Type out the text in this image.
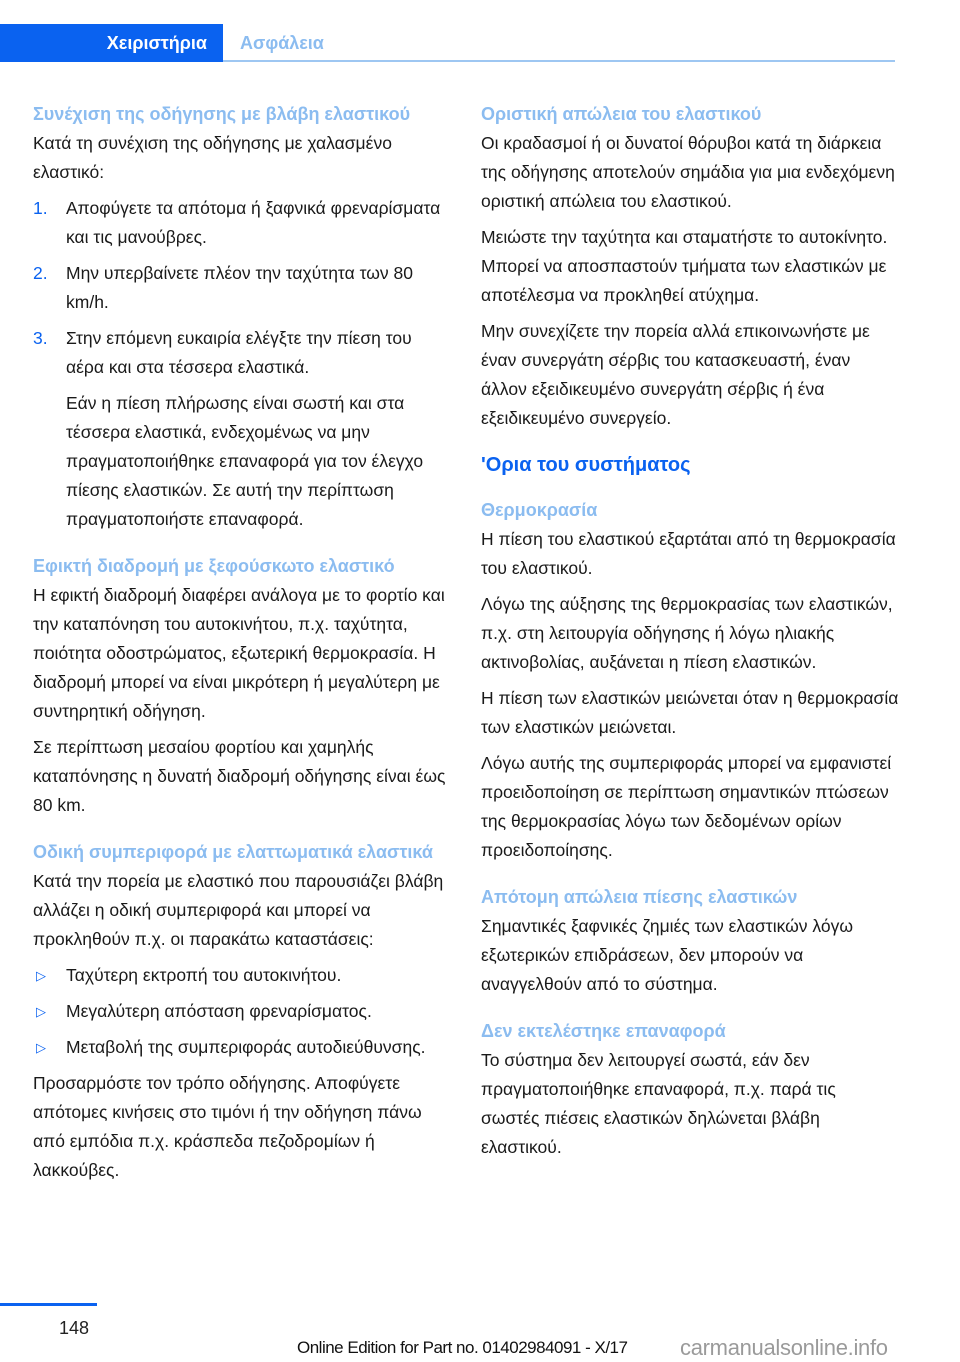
Χειριστήρια	Ασφάλεια
Συνέχιση της οδήγησης με βλάβη ελαστικού

Κατά τη συνέχιση της οδήγησης με χαλασμένο ελαστικό:

1. Αποφύγετε τα απότομα ή ξαφνικά φρεναρίσματα και τις μανούβρες.
2. Μην υπερβαίνετε πλέον την ταχύτητα των 80 km/h.
3. Στην επόμενη ευκαιρία ελέγξτε την πίεση του αέρα και στα τέσσερα ελαστικά.

Εάν η πίεση πλήρωσης είναι σωστή και στα τέσσερα ελαστικά, ενδεχομένως να μην πραγματοποιήθηκε επαναφορά για τον έλεγχο πίεσης ελαστικών. Σε αυτή την περίπτωση πραγματοποιήστε επαναφορά.

Εφικτή διαδρομή με ξεφούσκωτο ελαστικό

Η εφικτή διαδρομή διαφέρει ανάλογα με το φορτίο και την καταπόνηση του αυτοκινήτου, π.χ. ταχύτητα, ποιότητα οδοστρώματος, εξωτερική θερμοκρασία. Η διαδρομή μπορεί να είναι μικρότερη ή μεγαλύτερη με συντηρητική οδήγηση.

Σε περίπτωση μεσαίου φορτίου και χαμηλής καταπόνησης η δυνατή διαδρομή οδήγησης είναι έως 80 km.

Οδική συμπεριφορά με ελαττωματικά ελαστικά

Κατά την πορεία με ελαστικό που παρουσιάζει βλάβη αλλάζει η οδική συμπεριφορά και μπορεί να προκληθούν π.χ. οι παρακάτω καταστάσεις:

▷ Ταχύτερη εκτροπή του αυτοκινήτου.
▷ Μεγαλύτερη απόσταση φρεναρίσματος.
▷ Μεταβολή της συμπεριφοράς αυτοδιεύθυνσης.

Προσαρμόστε τον τρόπο οδήγησης. Αποφύγετε απότομες κινήσεις στο τιμόνι ή την οδήγηση πάνω από εμπόδια π.χ. κράσπεδα πεζοδρομίων ή λακκούβες.

Οριστική απώλεια του ελαστικού

Οι κραδασμοί ή οι δυνατοί θόρυβοι κατά τη διάρκεια της οδήγησης αποτελούν σημάδια για μια ενδεχόμενη οριστική απώλεια του ελαστικού.

Μειώστε την ταχύτητα και σταματήστε το αυτοκίνητο. Μπορεί να αποσπαστούν τμήματα των ελαστικών με αποτέλεσμα να προκληθεί ατύχημα.

Μην συνεχίζετε την πορεία αλλά επικοινωνήστε με έναν συνεργάτη σέρβις του κατασκευαστή, έναν άλλον εξειδικευμένο συνεργάτη σέρβις ή ένα εξειδικευμένο συνεργείο.

'Ορια του συστήματος
Θερμοκρασία

Η πίεση του ελαστικού εξαρτάται από τη θερμοκρασία του ελαστικού.

Λόγω της αύξησης της θερμοκρασίας των ελαστικών, π.χ. στη λειτουργία οδήγησης ή λόγω ηλιακής ακτινοβολίας, αυξάνεται η πίεση ελαστικών.

Η πίεση των ελαστικών μειώνεται όταν η θερμοκρασία των ελαστικών μειώνεται.

Λόγω αυτής της συμπεριφοράς μπορεί να εμφανιστεί προειδοποίηση σε περίπτωση σημαντικών πτώσεων της θερμοκρασίας λόγω των δεδομένων ορίων προειδοποίησης.

Απότομη απώλεια πίεσης ελαστικών

Σημαντικές ξαφνικές ζημιές των ελαστικών λόγω εξωτερικών επιδράσεων, δεν μπορούν να αναγγελθούν από το σύστημα.

Δεν εκτελέστηκε επαναφορά

Το σύστημα δεν λειτουργεί σωστά, εάν δεν πραγματοποιήθηκε επαναφορά, π.χ. παρά τις σωστές πιέσεις ελαστικών δηλώνεται βλάβη ελαστικού.

148
Online Edition for Part no. 01402984091 - X/17 carmanualsonline.info
